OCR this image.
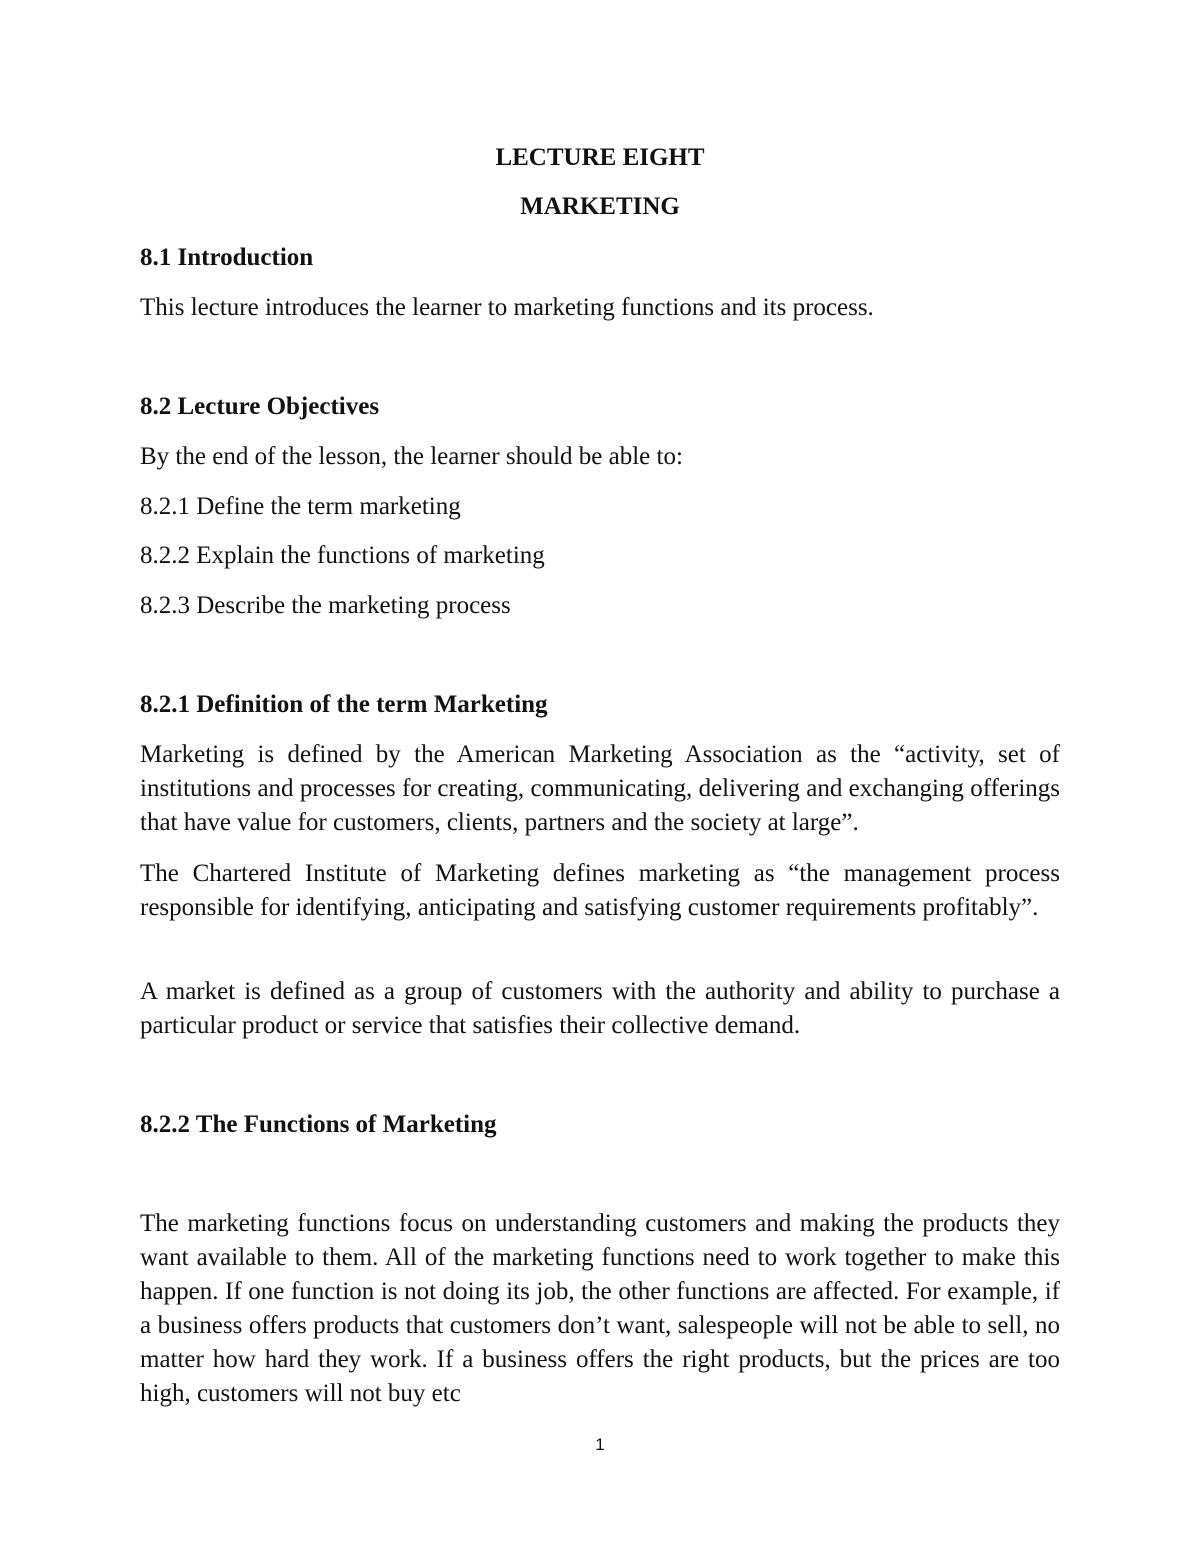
LECTURE EIGHT

MARKETING

8.1 Introduction

This lecture introduces the learner to marketing functions and its process.

8.2 Lecture Objectives

By the end of the lesson, the learner should be able to:

8.2.1 Define the term marketing

8.2.2 Explain the functions of marketing

8.2.3 Describe the marketing process

8.2.1 Definition of the term Marketing

Marketing is defined by the American Marketing Association as the “activity, set of institutions and processes for creating, communicating, delivering and exchanging offerings that have value for customers, clients, partners and the society at large”.

The Chartered Institute of Marketing defines marketing as “the management process responsible for identifying, anticipating and satisfying customer requirements profitably”.

A market is defined as a group of customers with the authority and ability to purchase a particular product or service that satisfies their collective demand.

8.2.2 The Functions of Marketing

The marketing functions focus on understanding customers and making the products they want available to them. All of the marketing functions need to work together to make this happen. If one function is not doing its job, the other functions are affected. For example, if a business offers products that customers don’t want, salespeople will not be able to sell, no matter how hard they work. If a business offers the right products, but the prices are too high, customers will not buy etc

1
